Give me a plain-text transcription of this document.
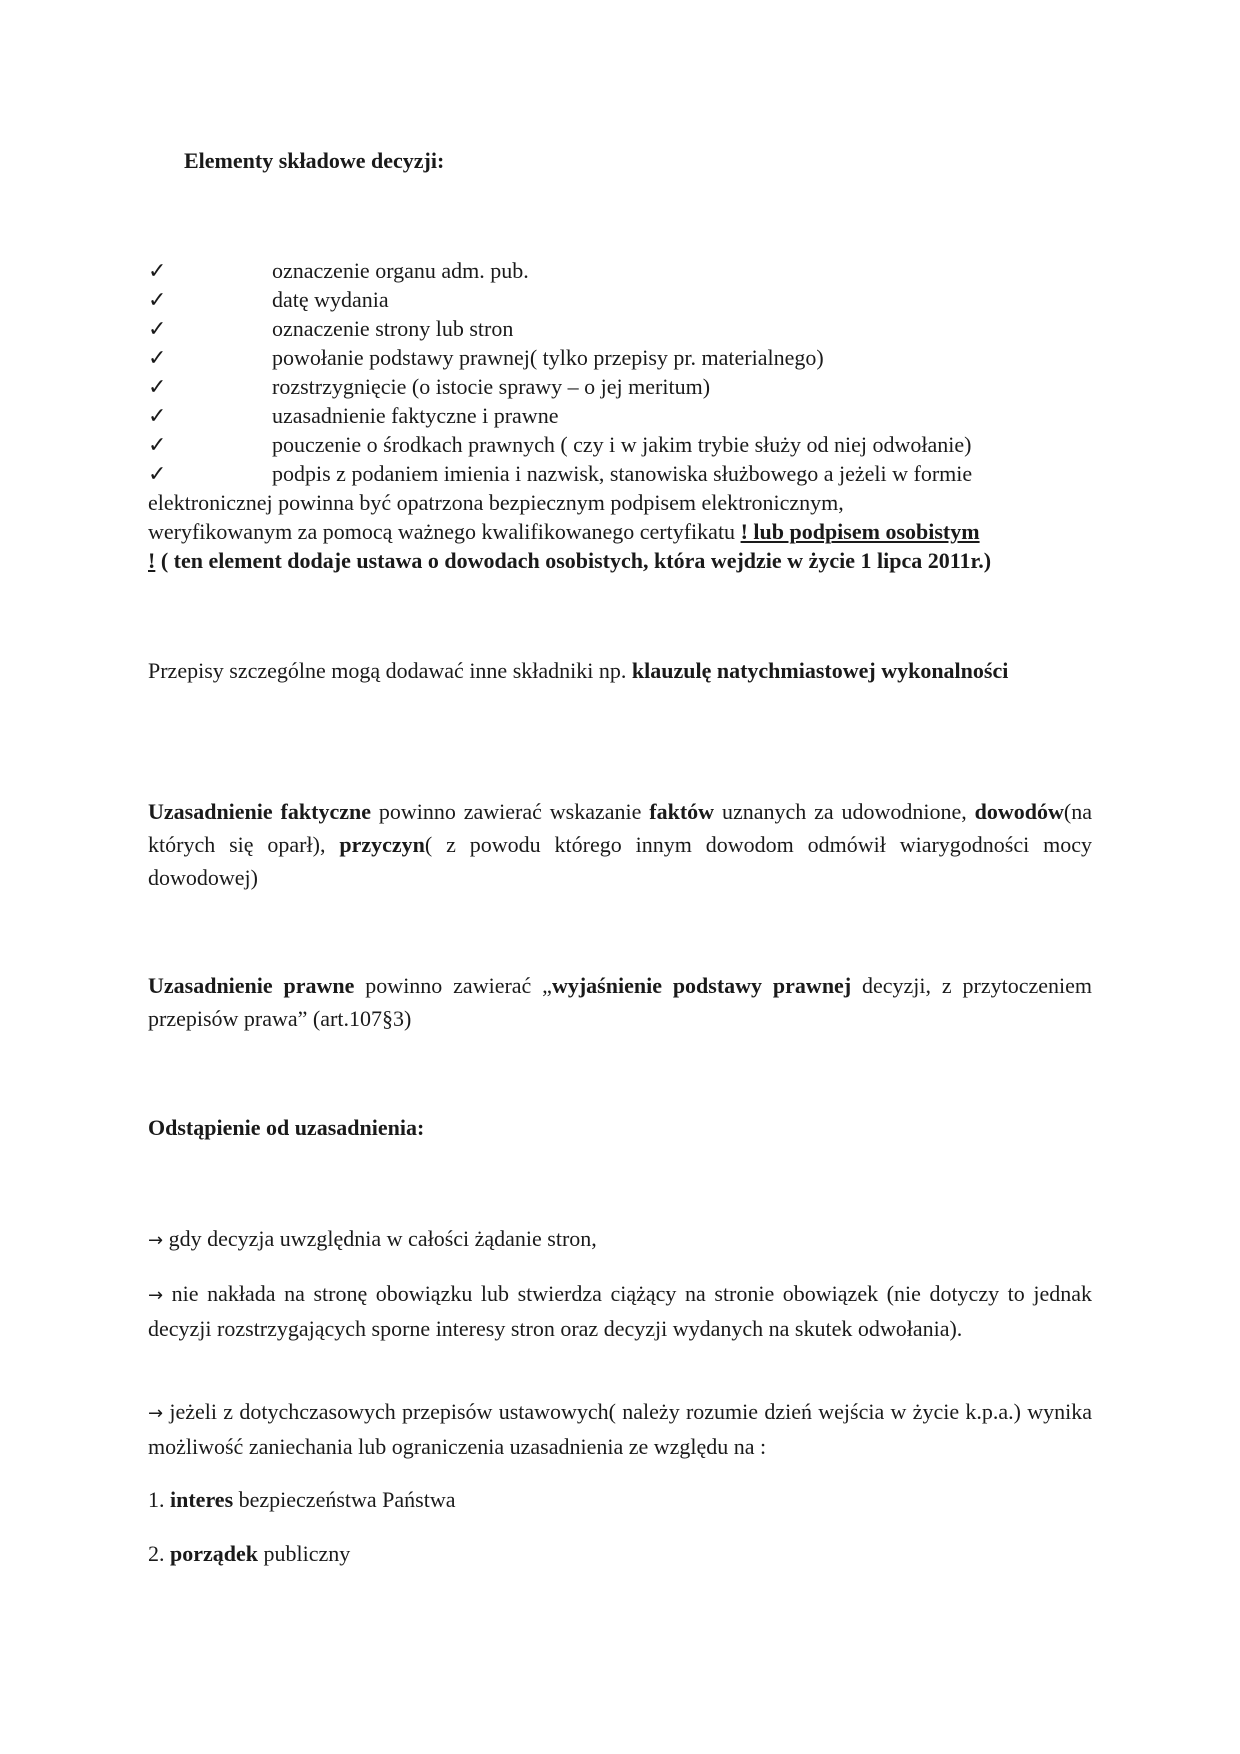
Elementy składowe decyzji:
✓	oznaczenie organu adm. pub.
✓	datę wydania
✓	oznaczenie strony lub stron
✓	powołanie podstawy prawnej( tylko przepisy pr. materialnego)
✓	rozstrzygnięcie (o istocie sprawy – o jej meritum)
✓	uzasadnienie faktyczne i prawne
✓	pouczenie o środkach prawnych ( czy i w jakim trybie służy od niej odwołanie)
✓	podpis z podaniem imienia i nazwisk, stanowiska służbowego a jeżeli w formie
elektronicznej powinna być opatrzona bezpiecznym podpisem elektronicznym,
weryfikowanym za pomocą ważnego kwalifikowanego certyfikatu ! lub podpisem osobistym
! ( ten element dodaje ustawa o dowodach osobistych, która wejdzie w życie 1 lipca 2011r.)
Przepisy szczególne mogą dodawać inne składniki np. klauzulę natychmiastowej wykonalności
Uzasadnienie faktyczne powinno zawierać wskazanie faktów uznanych za udowodnione, dowodów(na których się oparł), przyczyn( z powodu którego innym dowodom odmówił wiarygodności mocy dowodowej)
Uzasadnienie prawne powinno zawierać „wyjaśnienie podstawy prawnej decyzji, z przytoczeniem przepisów prawa” (art.107§3)
Odstąpienie od uzasadnienia:
→ gdy decyzja uwzględnia w całości żądanie stron,
→ nie nakłada na stronę obowiązku lub stwierdza ciążący na stronie obowiązek (nie dotyczy to jednak decyzji rozstrzygających sporne interesy stron oraz decyzji wydanych na skutek odwołania).
→ jeżeli z dotychczasowych przepisów ustawowych( należy rozumie dzień wejścia w życie k.p.a.) wynika możliwość zaniechania lub ograniczenia uzasadnienia ze względu na :
1. interes bezpieczeństwa Państwa
2. porządek publiczny
